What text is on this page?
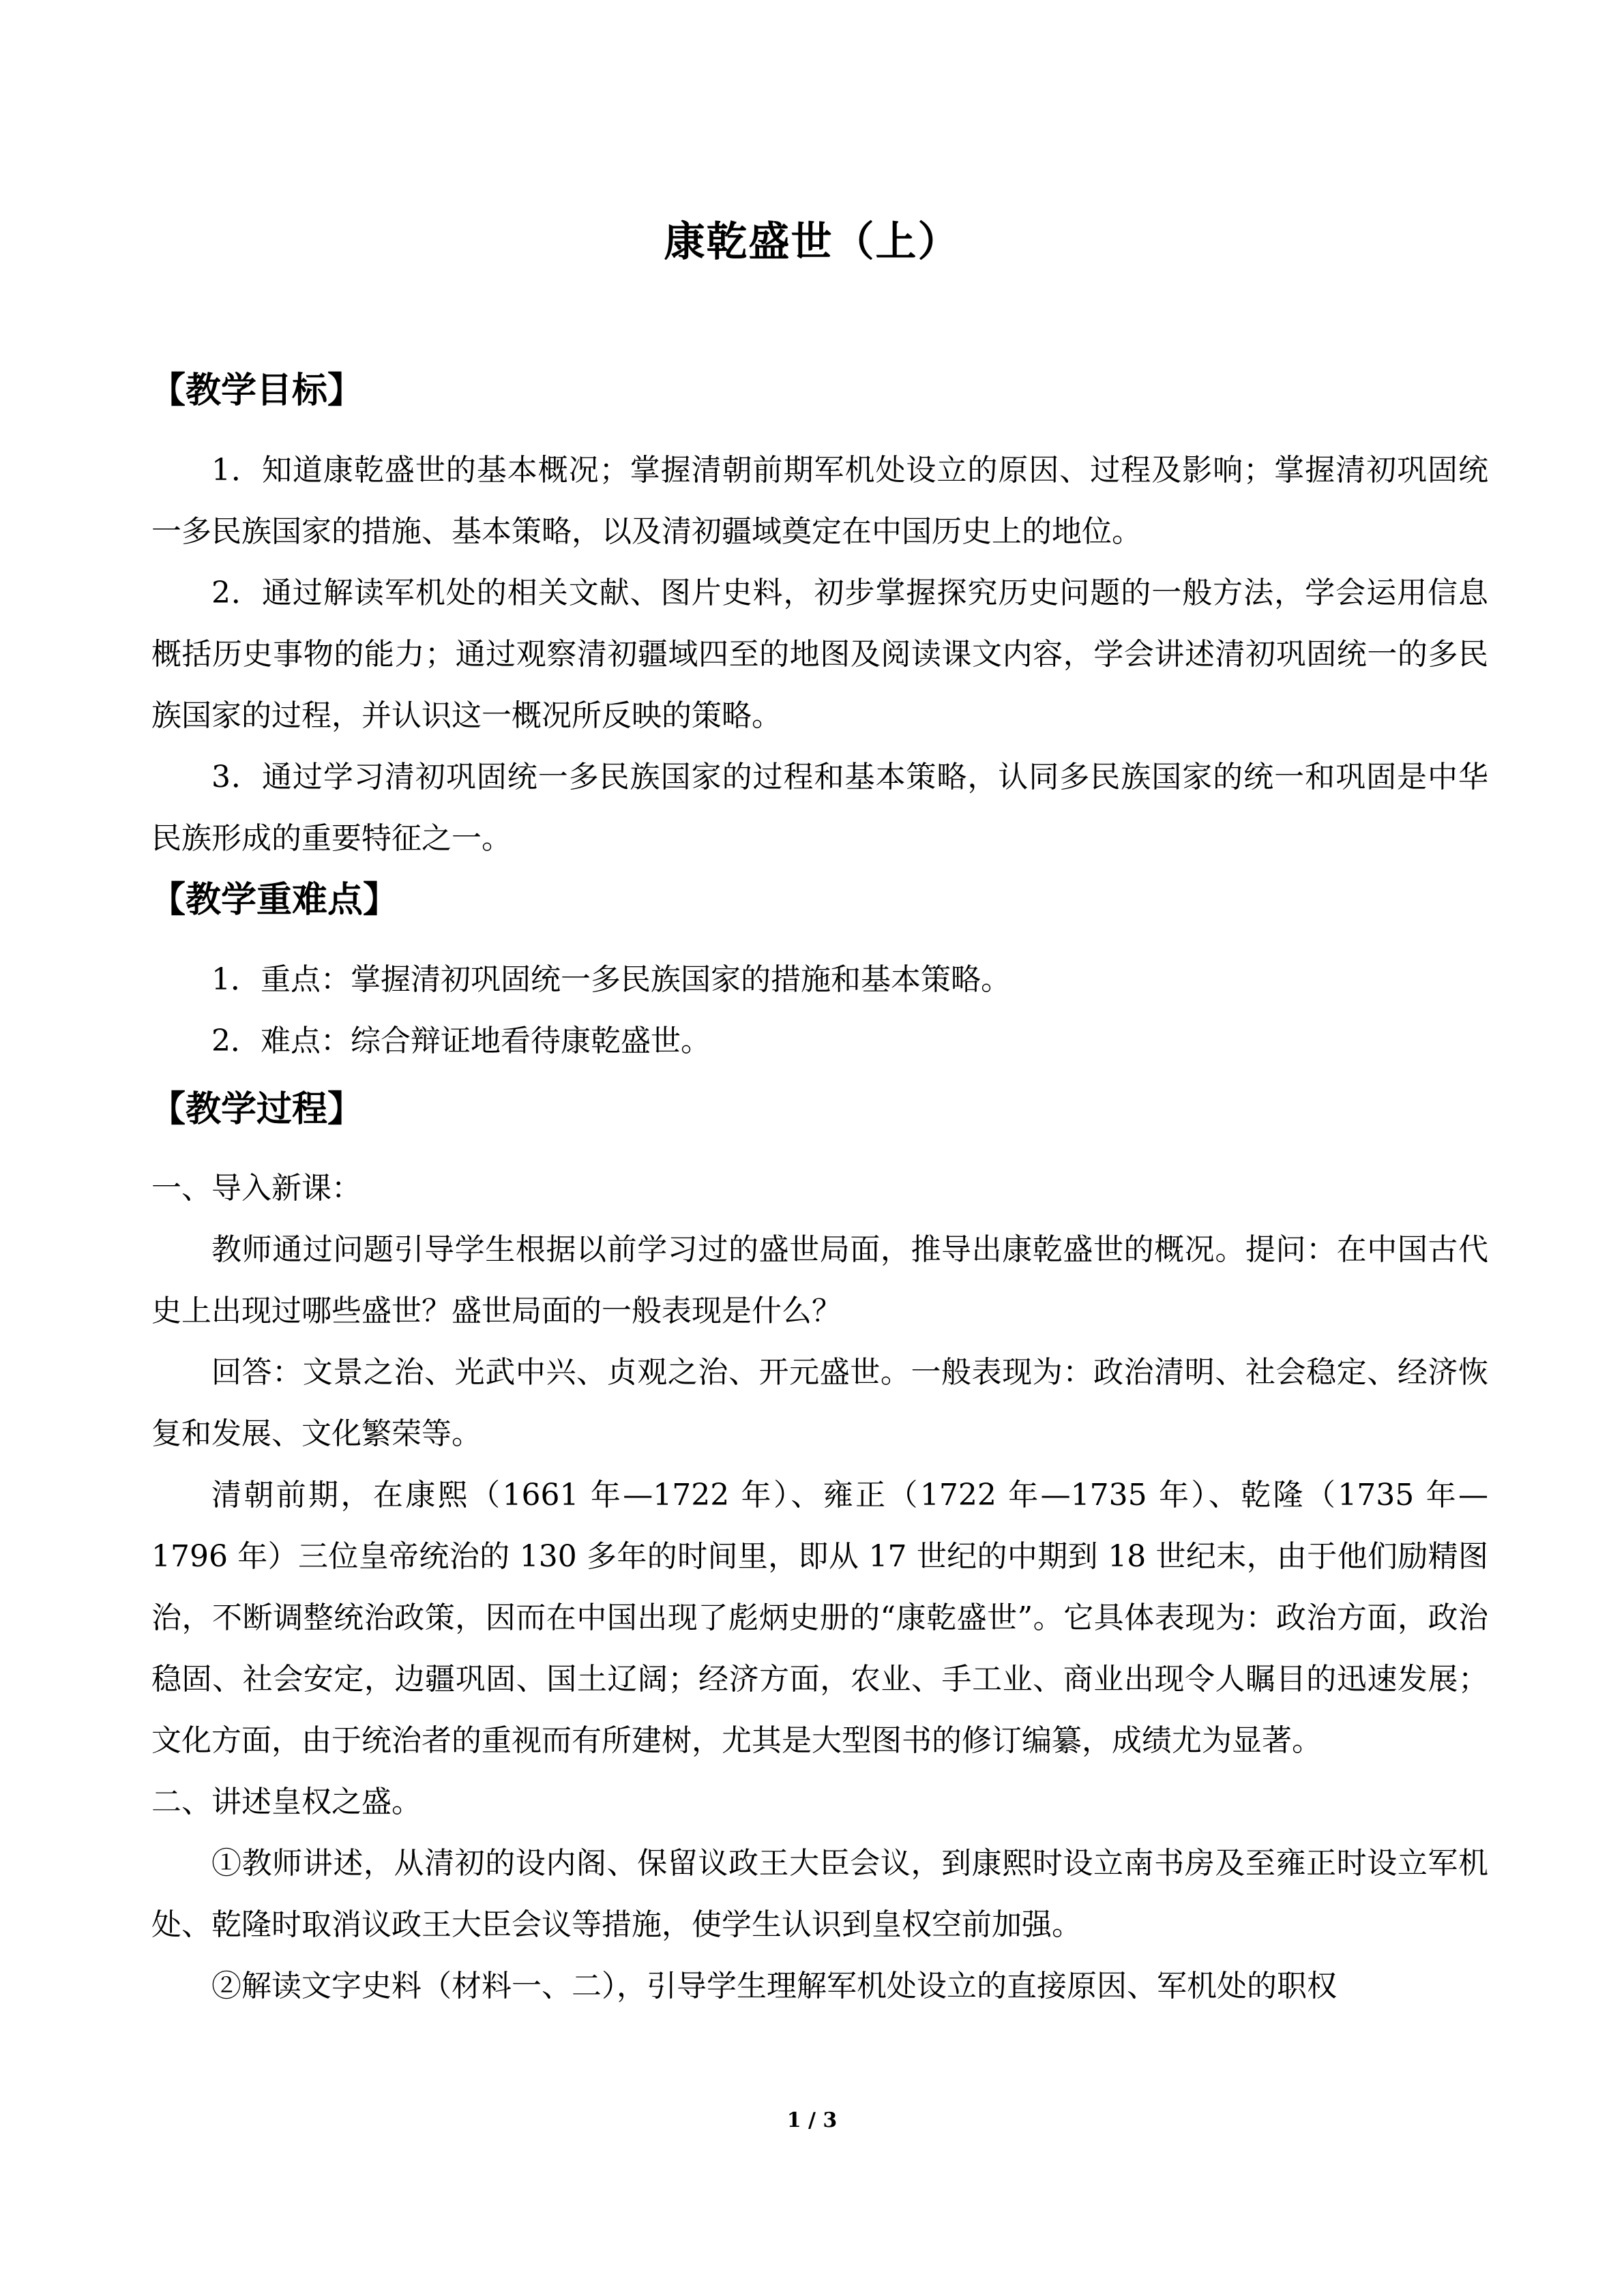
康乾盛世（上）
【教学目标】
1．知道康乾盛世的基本概况；掌握清朝前期军机处设立的原因、过程及影响；掌握清初巩固统一多民族国家的措施、基本策略，以及清初疆域奠定在中国历史上的地位。
2．通过解读军机处的相关文献、图片史料，初步掌握探究历史问题的一般方法，学会运用信息概括历史事物的能力；通过观察清初疆域四至的地图及阅读课文内容，学会讲述清初巩固统一的多民族国家的过程，并认识这一概况所反映的策略。
3．通过学习清初巩固统一多民族国家的过程和基本策略，认同多民族国家的统一和巩固是中华民族形成的重要特征之一。
【教学重难点】
1．重点：掌握清初巩固统一多民族国家的措施和基本策略。
2．难点：综合辩证地看待康乾盛世。
【教学过程】
一、导入新课：
教师通过问题引导学生根据以前学习过的盛世局面，推导出康乾盛世的概况。提问：在中国古代史上出现过哪些盛世？盛世局面的一般表现是什么？
回答：文景之治、光武中兴、贞观之治、开元盛世。一般表现为：政治清明、社会稳定、经济恢复和发展、文化繁荣等。
清朝前期，在康熙（1661 年—1722 年）、雍正（1722 年—1735 年）、乾隆（1735 年—1796 年）三位皇帝统治的 130 多年的时间里，即从 17 世纪的中期到 18 世纪末，由于他们励精图治，不断调整统治政策，因而在中国出现了彪炳史册的“康乾盛世”。它具体表现为：政治方面，政治稳固、社会安定，边疆巩固、国土辽阔；经济方面，农业、手工业、商业出现令人瞩目的迅速发展；文化方面，由于统治者的重视而有所建树，尤其是大型图书的修订编纂，成绩尤为显著。
二、讲述皇权之盛。
①教师讲述，从清初的设内阁、保留议政王大臣会议，到康熙时设立南书房及至雍正时设立军机处、乾隆时取消议政王大臣会议等措施，使学生认识到皇权空前加强。
②解读文字史料（材料一、二），引导学生理解军机处设立的直接原因、军机处的职权
1 / 3
